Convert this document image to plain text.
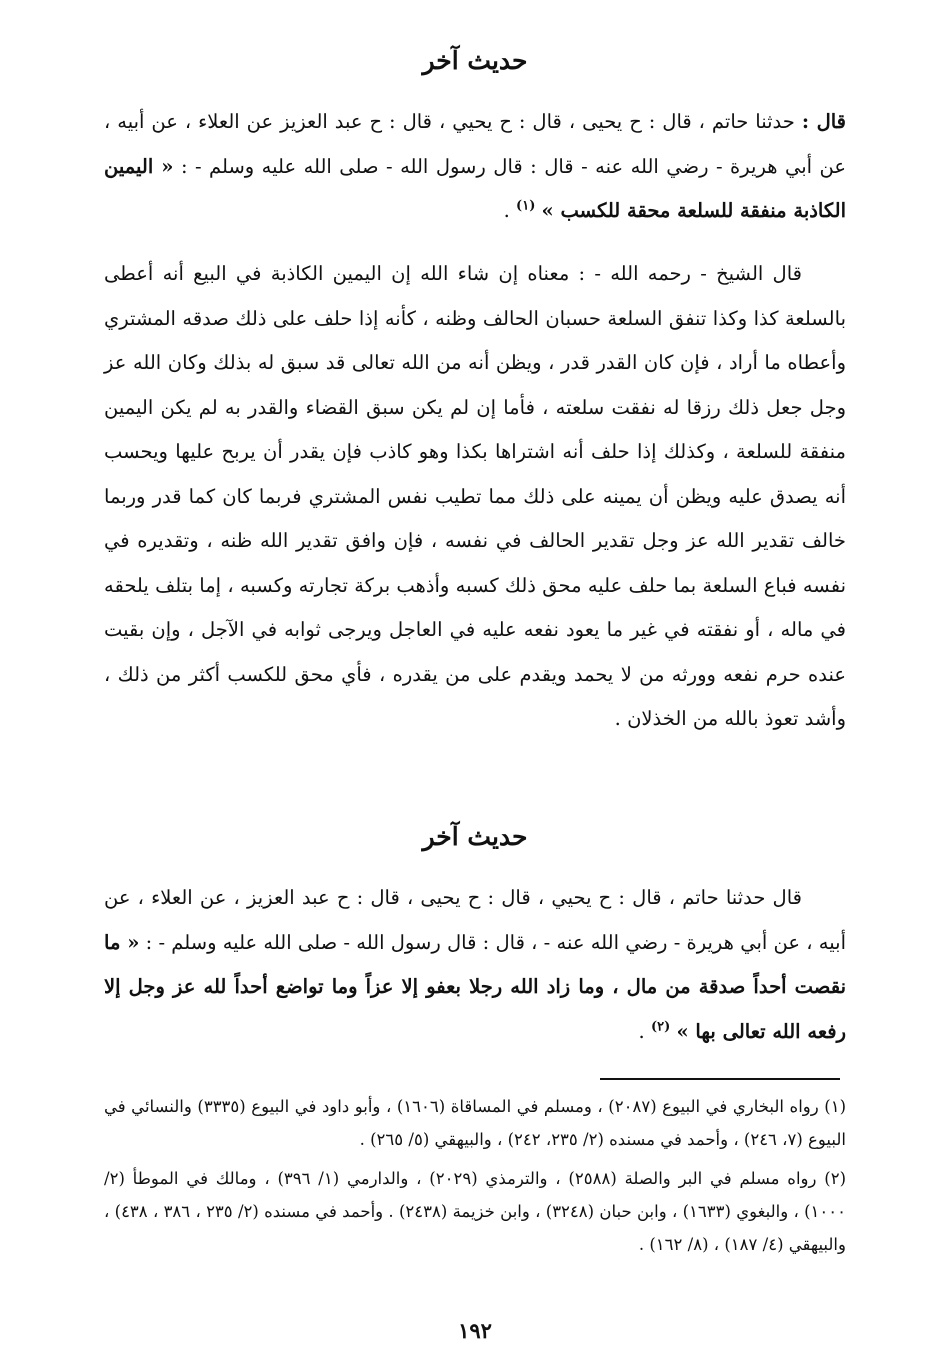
حديث آخر

قال : حدثنا حاتم ، قال : ح يحيى ، قال : ح يحيي ، قال : ح عبد العزيز عن العلاء ، عن أبيه ، عن أبي هريرة - رضي الله عنه - قال : قال رسول الله - صلى الله عليه وسلم - : « اليمين الكاذبة منفقة للسلعة محقة للكسب » $^{(١)}$ .

قال الشيخ - رحمه الله - : معناه إن شاء الله إن اليمين الكاذبة في البيع أنه أعطى بالسلعة كذا وكذا تنفق السلعة حسبان الحالف وظنه ، كأنه إذا حلف على ذلك صدقه المشتري وأعطاه ما أراد ، فإن كان القدر قدر ، ويظن أنه من الله تعالى قد سبق له بذلك وكان الله عز وجل جعل ذلك رزقا له نفقت سلعته ، فأما إن لم يكن سبق القضاء والقدر به لم يكن اليمين منفقة للسلعة ، وكذلك إذا حلف أنه اشتراها بكذا وهو كاذب فإن يقدر أن يربح عليها ويحسب أنه يصدق عليه ويظن أن يمينه على ذلك مما تطيب نفس المشتري فربما كان كما قدر وربما خالف تقدير الله عز وجل تقدير الحالف في نفسه ، فإن وافق تقدير الله ظنه ، وتقديره في نفسه فباع السلعة بما حلف عليه محق ذلك كسبه وأذهب بركة تجارته وكسبه ، إما بتلف يلحقه في ماله ، أو نفقته في غير ما يعود نفعه عليه في العاجل ويرجى ثوابه في الآجل ، وإن بقيت عنده حرم نفعه وورثه من لا يحمد ويقدم على من يقدره ، فأي محق للكسب أكثر من ذلك ، وأشد تعوذ بالله من الخذلان .

حديث آخر

قال حدثنا حاتم ، قال : ح يحيي ، قال : ح يحيى ، قال : ح عبد العزيز ، عن العلاء ، عن أبيه ، عن أبي هريرة - رضي الله عنه - ، قال : قال رسول الله - صلى الله عليه وسلم - : « ما نقصت أحداً صدقة من مال ، وما زاد الله رجلا بعفو إلا عزاً وما تواضع أحداً لله عز وجل إلا رفعه الله تعالى بها » $^{(٢)}$ .

(١) رواه البخاري في البيوع (٢٠٨٧) ، ومسلم في المساقاة (١٦٠٦) ، وأبو داود في البيوع (٣٣٣٥) والنسائي في البيوع (٧، ٢٤٦) ، وأحمد في مسنده (٢/ ٢٣٥، ٢٤٢) ، والبيهقي (٥/ ٢٦٥) .

(٢) رواه مسلم في البر والصلة (٢٥٨٨) ، والترمذي (٢٠٢٩) ، والدارمي (١/ ٣٩٦) ، ومالك في الموطأ (٢/ ١٠٠٠) ، والبغوي (١٦٣٣) ، وابن حبان (٣٢٤٨) ، وابن خزيمة (٢٤٣٨) . وأحمد في مسنده (٢/ ٢٣٥ ، ٣٨٦ ، ٤٣٨) ، والبيهقي (٤/ ١٨٧) ، (٨/ ١٦٢) .

١٩٢
